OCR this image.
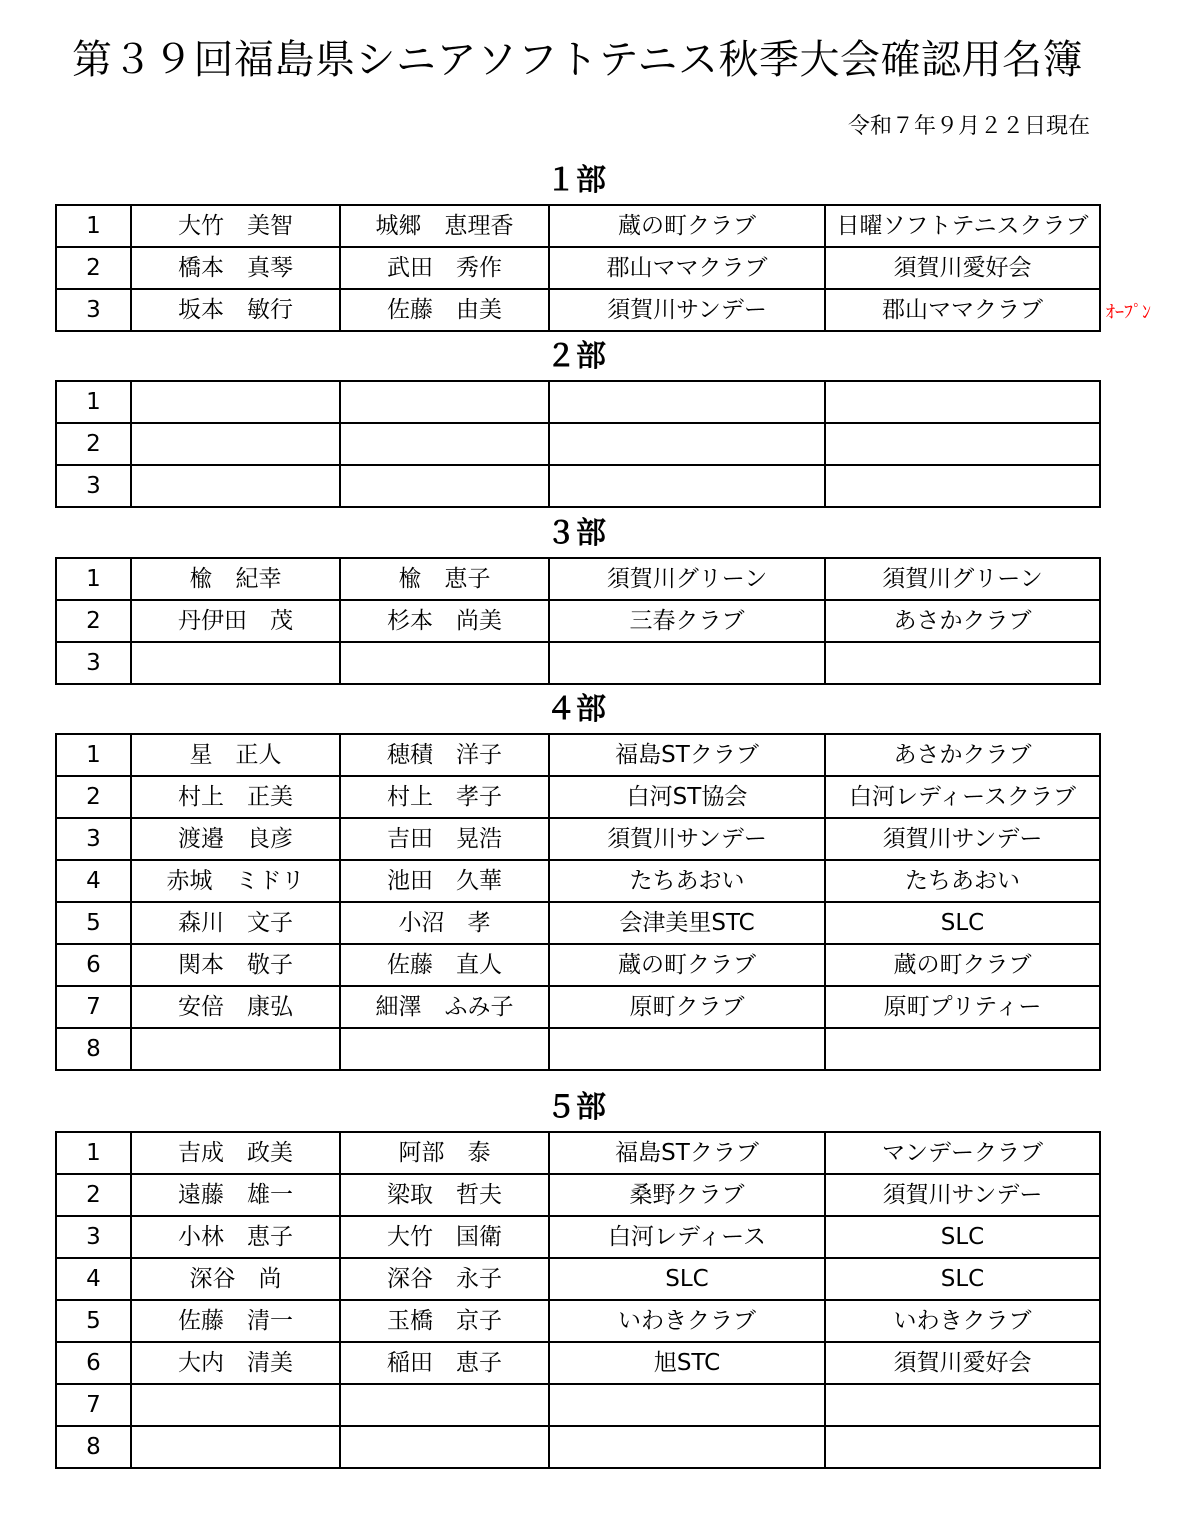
第３９回福島県シニアソフトテニス秋季大会確認用名簿
令和７年９月２２日現在
１部
1	大竹　美智	城郷　恵理香	蔵の町クラブ	日曜ソフトテニスクラブ
2	橋本　真琴	武田　秀作	郡山ママクラブ	須賀川愛好会
3	坂本　敏行	佐藤　由美	須賀川サンデー	郡山ママクラブ	ｵｰﾌﾟﾝ
２部
1				
2				
3				
３部
1	楡　紀幸	楡　恵子	須賀川グリーン	須賀川グリーン
2	丹伊田　茂	杉本　尚美	三春クラブ	あさかクラブ
3				
４部
1	星　正人	穂積　洋子	福島STクラブ	あさかクラブ
2	村上　正美	村上　孝子	白河ST協会	白河レディースクラブ
3	渡邉　良彦	吉田　晃浩	須賀川サンデー	須賀川サンデー
4	赤城　ミドリ	池田　久華	たちあおい	たちあおい
5	森川　文子	小沼　孝	会津美里STC	SLC
6	関本　敬子	佐藤　直人	蔵の町クラブ	蔵の町クラブ
7	安倍　康弘	細澤　ふみ子	原町クラブ	原町プリティー
8				
５部
1	吉成　政美	阿部　泰	福島STクラブ	マンデークラブ
2	遠藤　雄一	梁取　哲夫	桑野クラブ	須賀川サンデー
3	小林　恵子	大竹　国衛	白河レディース	SLC
4	深谷　尚	深谷　永子	SLC	SLC
5	佐藤　清一	玉橋　京子	いわきクラブ	いわきクラブ
6	大内　清美	稲田　恵子	旭STC	須賀川愛好会
7				
8				
